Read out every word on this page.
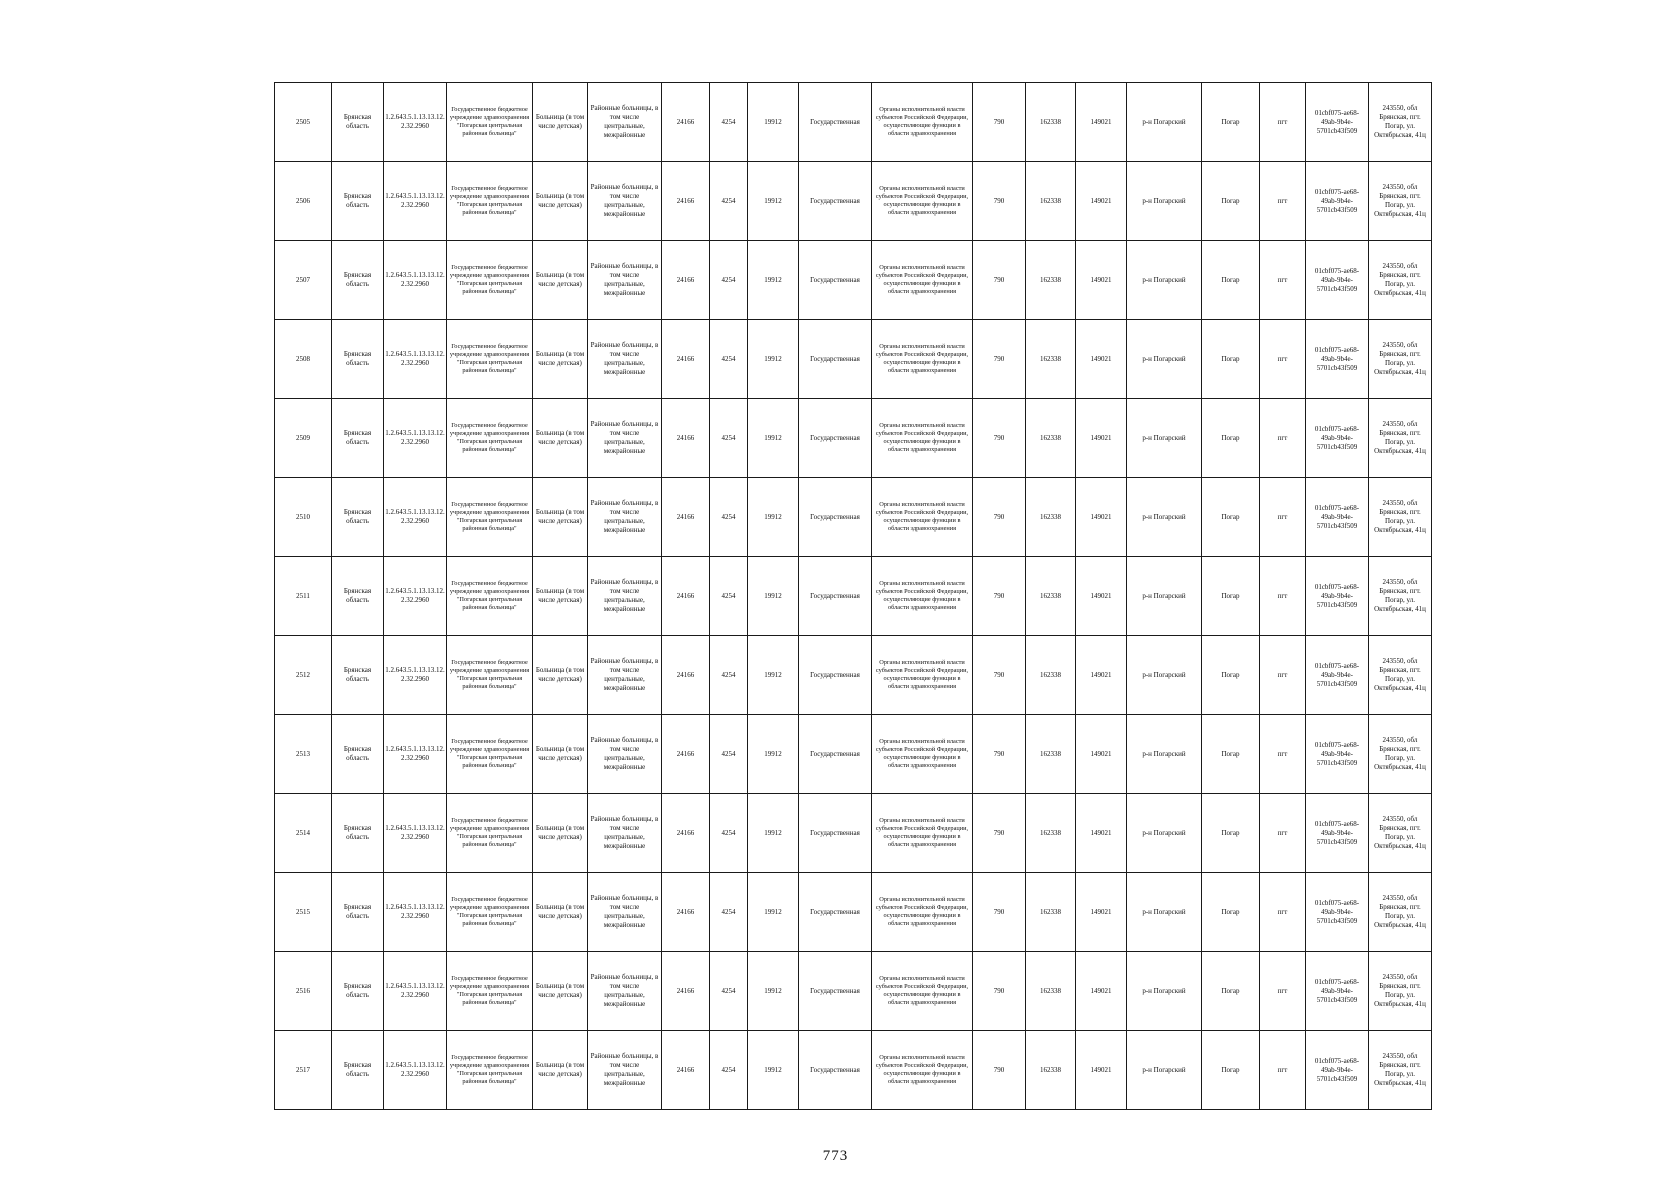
2505	Брянская область	1.2.643.5.1.13.13.12.2.32.2960	Государственное бюджетное учреждение здравоохранения "Погарская центральная районная больница"	Больница (в том числе детская)	Районные больницы, в том числе центральные, межрайонные	24166	4254	19912	Государственная	Органы исполнительной власти субъектов Российской Федерации, осуществляющие функции в области здравоохранения	790	162338	149021	р-н Погарский	Погар	пгт	01cbf075-ae68-49ab-9b4e-5701cb43f509	243550, обл Брянская, пгт. Погар, ул. Октябрьская, 41ц
2506	Брянская область	1.2.643.5.1.13.13.12.2.32.2960	Государственное бюджетное учреждение здравоохранения "Погарская центральная районная больница"	Больница (в том числе детская)	Районные больницы, в том числе центральные, межрайонные	24166	4254	19912	Государственная	Органы исполнительной власти субъектов Российской Федерации, осуществляющие функции в области здравоохранения	790	162338	149021	р-н Погарский	Погар	пгт	01cbf075-ae68-49ab-9b4e-5701cb43f509	243550, обл Брянская, пгт. Погар, ул. Октябрьская, 41ц
2507	Брянская область	1.2.643.5.1.13.13.12.2.32.2960	Государственное бюджетное учреждение здравоохранения "Погарская центральная районная больница"	Больница (в том числе детская)	Районные больницы, в том числе центральные, межрайонные	24166	4254	19912	Государственная	Органы исполнительной власти субъектов Российской Федерации, осуществляющие функции в области здравоохранения	790	162338	149021	р-н Погарский	Погар	пгт	01cbf075-ae68-49ab-9b4e-5701cb43f509	243550, обл Брянская, пгт. Погар, ул. Октябрьская, 41ц
2508	Брянская область	1.2.643.5.1.13.13.12.2.32.2960	Государственное бюджетное учреждение здравоохранения "Погарская центральная районная больница"	Больница (в том числе детская)	Районные больницы, в том числе центральные, межрайонные	24166	4254	19912	Государственная	Органы исполнительной власти субъектов Российской Федерации, осуществляющие функции в области здравоохранения	790	162338	149021	р-н Погарский	Погар	пгт	01cbf075-ae68-49ab-9b4e-5701cb43f509	243550, обл Брянская, пгт. Погар, ул. Октябрьская, 41ц
2509	Брянская область	1.2.643.5.1.13.13.12.2.32.2960	Государственное бюджетное учреждение здравоохранения "Погарская центральная районная больница"	Больница (в том числе детская)	Районные больницы, в том числе центральные, межрайонные	24166	4254	19912	Государственная	Органы исполнительной власти субъектов Российской Федерации, осуществляющие функции в области здравоохранения	790	162338	149021	р-н Погарский	Погар	пгт	01cbf075-ae68-49ab-9b4e-5701cb43f509	243550, обл Брянская, пгт. Погар, ул. Октябрьская, 41ц
2510	Брянская область	1.2.643.5.1.13.13.12.2.32.2960	Государственное бюджетное учреждение здравоохранения "Погарская центральная районная больница"	Больница (в том числе детская)	Районные больницы, в том числе центральные, межрайонные	24166	4254	19912	Государственная	Органы исполнительной власти субъектов Российской Федерации, осуществляющие функции в области здравоохранения	790	162338	149021	р-н Погарский	Погар	пгт	01cbf075-ae68-49ab-9b4e-5701cb43f509	243550, обл Брянская, пгт. Погар, ул. Октябрьская, 41ц
2511	Брянская область	1.2.643.5.1.13.13.12.2.32.2960	Государственное бюджетное учреждение здравоохранения "Погарская центральная районная больница"	Больница (в том числе детская)	Районные больницы, в том числе центральные, межрайонные	24166	4254	19912	Государственная	Органы исполнительной власти субъектов Российской Федерации, осуществляющие функции в области здравоохранения	790	162338	149021	р-н Погарский	Погар	пгт	01cbf075-ae68-49ab-9b4e-5701cb43f509	243550, обл Брянская, пгт. Погар, ул. Октябрьская, 41ц
2512	Брянская область	1.2.643.5.1.13.13.12.2.32.2960	Государственное бюджетное учреждение здравоохранения "Погарская центральная районная больница"	Больница (в том числе детская)	Районные больницы, в том числе центральные, межрайонные	24166	4254	19912	Государственная	Органы исполнительной власти субъектов Российской Федерации, осуществляющие функции в области здравоохранения	790	162338	149021	р-н Погарский	Погар	пгт	01cbf075-ae68-49ab-9b4e-5701cb43f509	243550, обл Брянская, пгт. Погар, ул. Октябрьская, 41ц
2513	Брянская область	1.2.643.5.1.13.13.12.2.32.2960	Государственное бюджетное учреждение здравоохранения "Погарская центральная районная больница"	Больница (в том числе детская)	Районные больницы, в том числе центральные, межрайонные	24166	4254	19912	Государственная	Органы исполнительной власти субъектов Российской Федерации, осуществляющие функции в области здравоохранения	790	162338	149021	р-н Погарский	Погар	пгт	01cbf075-ae68-49ab-9b4e-5701cb43f509	243550, обл Брянская, пгт. Погар, ул. Октябрьская, 41ц
2514	Брянская область	1.2.643.5.1.13.13.12.2.32.2960	Государственное бюджетное учреждение здравоохранения "Погарская центральная районная больница"	Больница (в том числе детская)	Районные больницы, в том числе центральные, межрайонные	24166	4254	19912	Государственная	Органы исполнительной власти субъектов Российской Федерации, осуществляющие функции в области здравоохранения	790	162338	149021	р-н Погарский	Погар	пгт	01cbf075-ae68-49ab-9b4e-5701cb43f509	243550, обл Брянская, пгт. Погар, ул. Октябрьская, 41ц
2515	Брянская область	1.2.643.5.1.13.13.12.2.32.2960	Государственное бюджетное учреждение здравоохранения "Погарская центральная районная больница"	Больница (в том числе детская)	Районные больницы, в том числе центральные, межрайонные	24166	4254	19912	Государственная	Органы исполнительной власти субъектов Российской Федерации, осуществляющие функции в области здравоохранения	790	162338	149021	р-н Погарский	Погар	пгт	01cbf075-ae68-49ab-9b4e-5701cb43f509	243550, обл Брянская, пгт. Погар, ул. Октябрьская, 41ц
2516	Брянская область	1.2.643.5.1.13.13.12.2.32.2960	Государственное бюджетное учреждение здравоохранения "Погарская центральная районная больница"	Больница (в том числе детская)	Районные больницы, в том числе центральные, межрайонные	24166	4254	19912	Государственная	Органы исполнительной власти субъектов Российской Федерации, осуществляющие функции в области здравоохранения	790	162338	149021	р-н Погарский	Погар	пгт	01cbf075-ae68-49ab-9b4e-5701cb43f509	243550, обл Брянская, пгт. Погар, ул. Октябрьская, 41ц
2517	Брянская область	1.2.643.5.1.13.13.12.2.32.2960	Государственное бюджетное учреждение здравоохранения "Погарская центральная районная больница"	Больница (в том числе детская)	Районные больницы, в том числе центральные, межрайонные	24166	4254	19912	Государственная	Органы исполнительной власти субъектов Российской Федерации, осуществляющие функции в области здравоохранения	790	162338	149021	р-н Погарский	Погар	пгт	01cbf075-ae68-49ab-9b4e-5701cb43f509	243550, обл Брянская, пгт. Погар, ул. Октябрьская, 41ц
773
